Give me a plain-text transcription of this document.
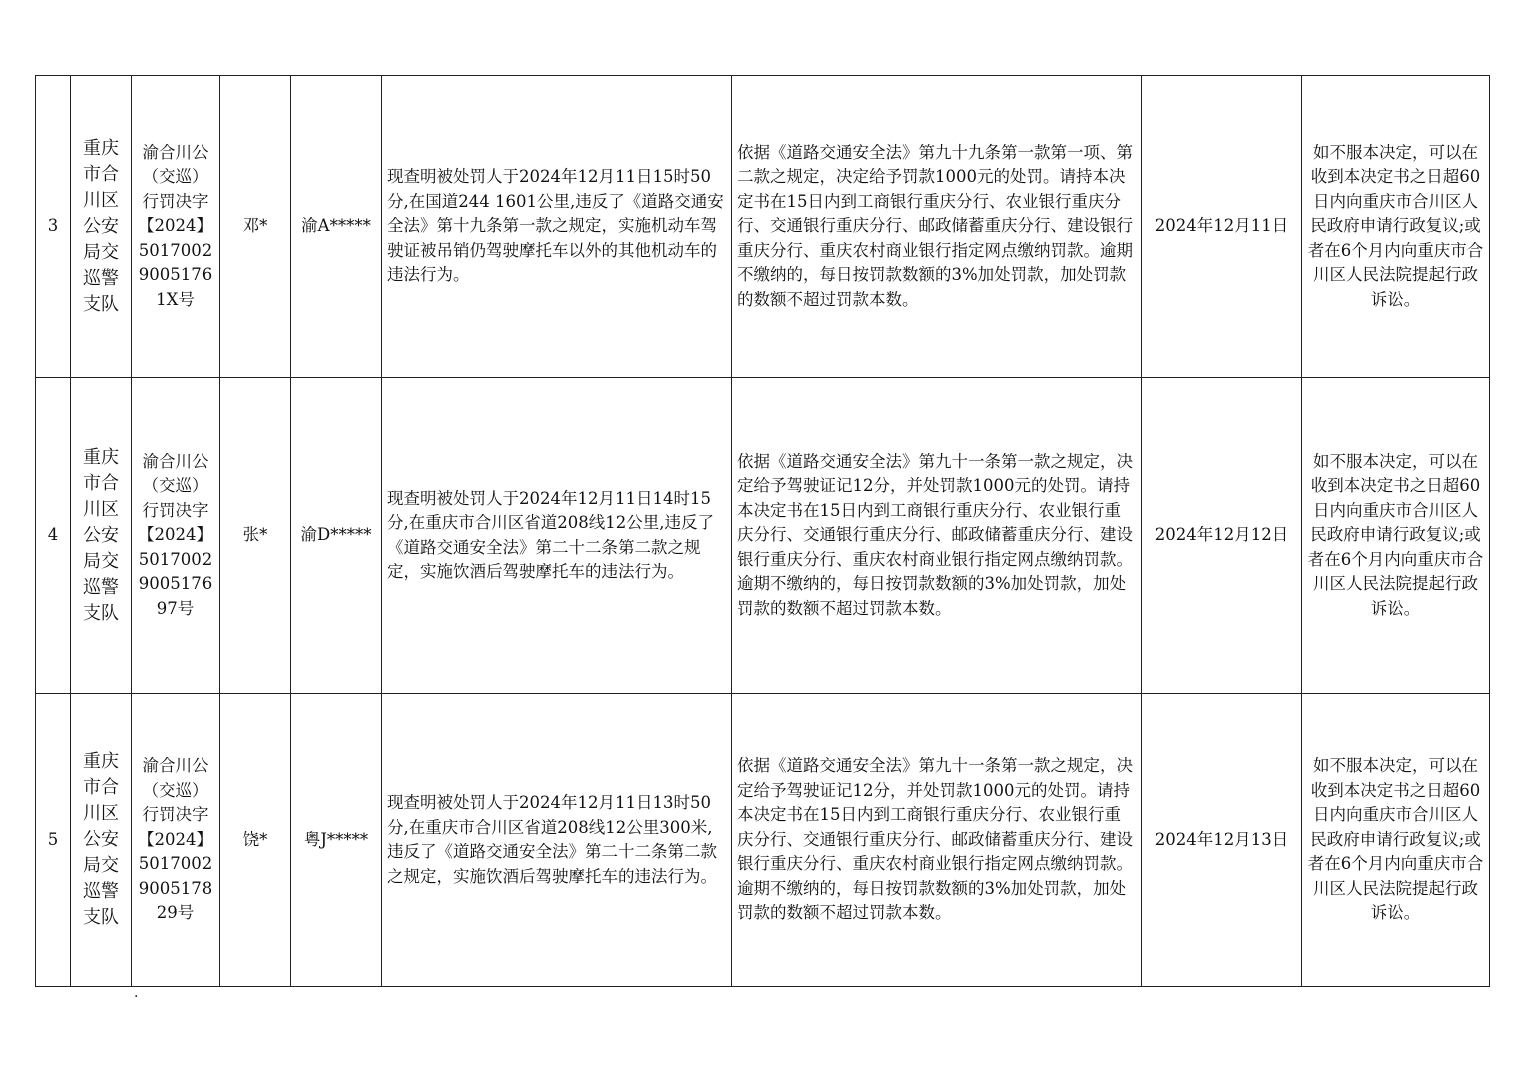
3	重庆市合川区公安局交巡警支队	渝合川公（交巡）行罚决字【2024】501700290051761X号	邓*	渝A*****	现查明被处罚人于2024年12月11日15时50分,在国道244 1601公里,违反了《道路交通安全法》第十九条第一款之规定，实施机动车驾驶证被吊销仍驾驶摩托车以外的其他机动车的违法行为。	依据《道路交通安全法》第九十九条第一款第一项、第二款之规定，决定给予罚款1000元的处罚。请持本决定书在15日内到工商银行重庆分行、农业银行重庆分行、交通银行重庆分行、邮政储蓄重庆分行、建设银行重庆分行、重庆农村商业银行指定网点缴纳罚款。逾期不缴纳的，每日按罚款数额的3%加处罚款，加处罚款的数额不超过罚款本数。	2024年12月11日	如不服本决定，可以在收到本决定书之日超60日内向重庆市合川区人民政府申请行政复议;或者在6个月内向重庆市合川区人民法院提起行政诉讼。
4	重庆市合川区公安局交巡警支队	渝合川公（交巡）行罚决字【2024】5017002900517697号	张*	渝D*****	现查明被处罚人于2024年12月11日14时15分,在重庆市合川区省道208线12公里,违反了《道路交通安全法》第二十二条第二款之规定，实施饮酒后驾驶摩托车的违法行为。	依据《道路交通安全法》第九十一条第一款之规定，决定给予驾驶证记12分，并处罚款1000元的处罚。请持本决定书在15日内到工商银行重庆分行、农业银行重庆分行、交通银行重庆分行、邮政储蓄重庆分行、建设银行重庆分行、重庆农村商业银行指定网点缴纳罚款。逾期不缴纳的，每日按罚款数额的3%加处罚款，加处罚款的数额不超过罚款本数。	2024年12月12日	如不服本决定，可以在收到本决定书之日超60日内向重庆市合川区人民政府申请行政复议;或者在6个月内向重庆市合川区人民法院提起行政诉讼。
5	重庆市合川区公安局交巡警支队	渝合川公（交巡）行罚决字【2024】5017002900517829号	饶*	粤J*****	现查明被处罚人于2024年12月11日13时50分,在重庆市合川区省道208线12公里300米,违反了《道路交通安全法》第二十二条第二款之规定，实施饮酒后驾驶摩托车的违法行为。	依据《道路交通安全法》第九十一条第一款之规定，决定给予驾驶证记12分，并处罚款1000元的处罚。请持本决定书在15日内到工商银行重庆分行、农业银行重庆分行、交通银行重庆分行、邮政储蓄重庆分行、建设银行重庆分行、重庆农村商业银行指定网点缴纳罚款。逾期不缴纳的，每日按罚款数额的3%加处罚款，加处罚款的数额不超过罚款本数。	2024年12月13日	如不服本决定，可以在收到本决定书之日超60日内向重庆市合川区人民政府申请行政复议;或者在6个月内向重庆市合川区人民法院提起行政诉讼。
.
